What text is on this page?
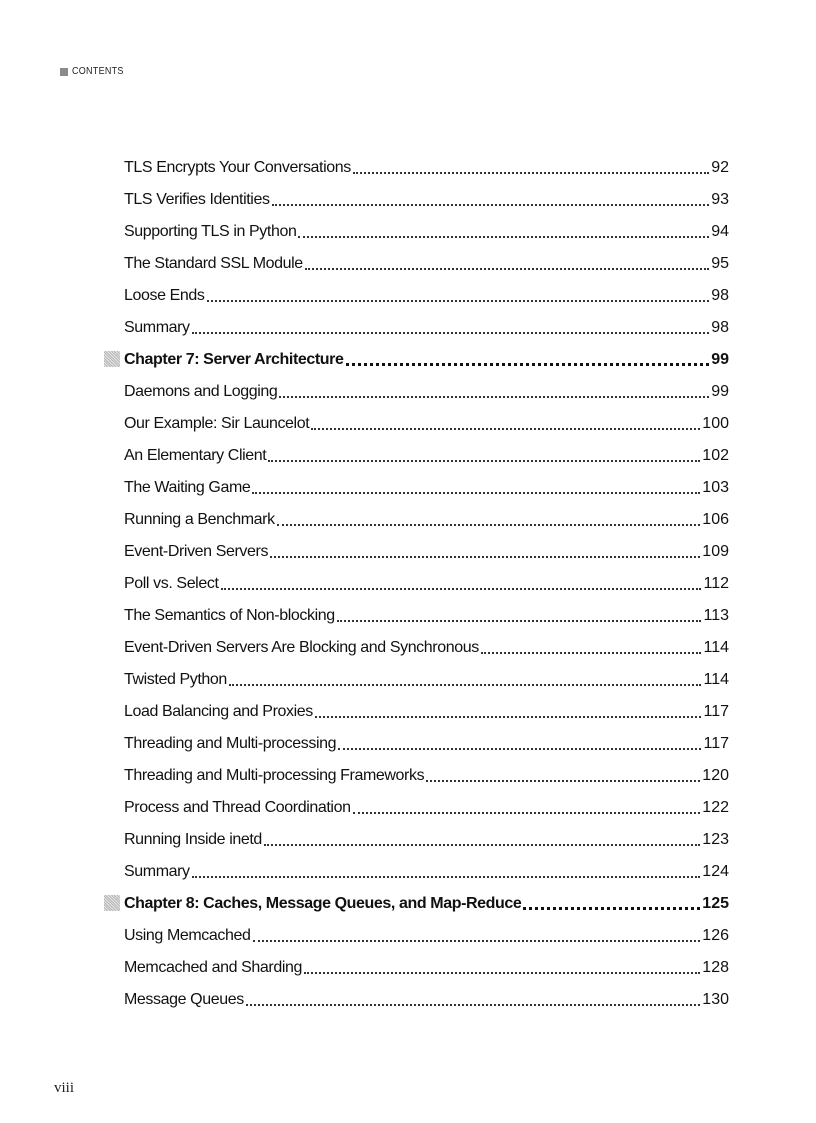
CONTENTS
TLS Encrypts Your Conversations	92
TLS Verifies Identities	93
Supporting TLS in Python	94
The Standard SSL Module	95
Loose Ends	98
Summary	98
Chapter 7: Server Architecture	99
Daemons and Logging	99
Our Example: Sir Launcelot	100
An Elementary Client	102
The Waiting Game	103
Running a Benchmark	106
Event-Driven Servers	109
Poll vs. Select	112
The Semantics of Non-blocking	113
Event-Driven Servers Are Blocking and Synchronous	114
Twisted Python	114
Load Balancing and Proxies	117
Threading and Multi-processing	117
Threading and Multi-processing Frameworks	120
Process and Thread Coordination	122
Running Inside inetd	123
Summary	124
Chapter 8: Caches, Message Queues, and Map-Reduce	125
Using Memcached	126
Memcached and Sharding	128
Message Queues	130
viii
